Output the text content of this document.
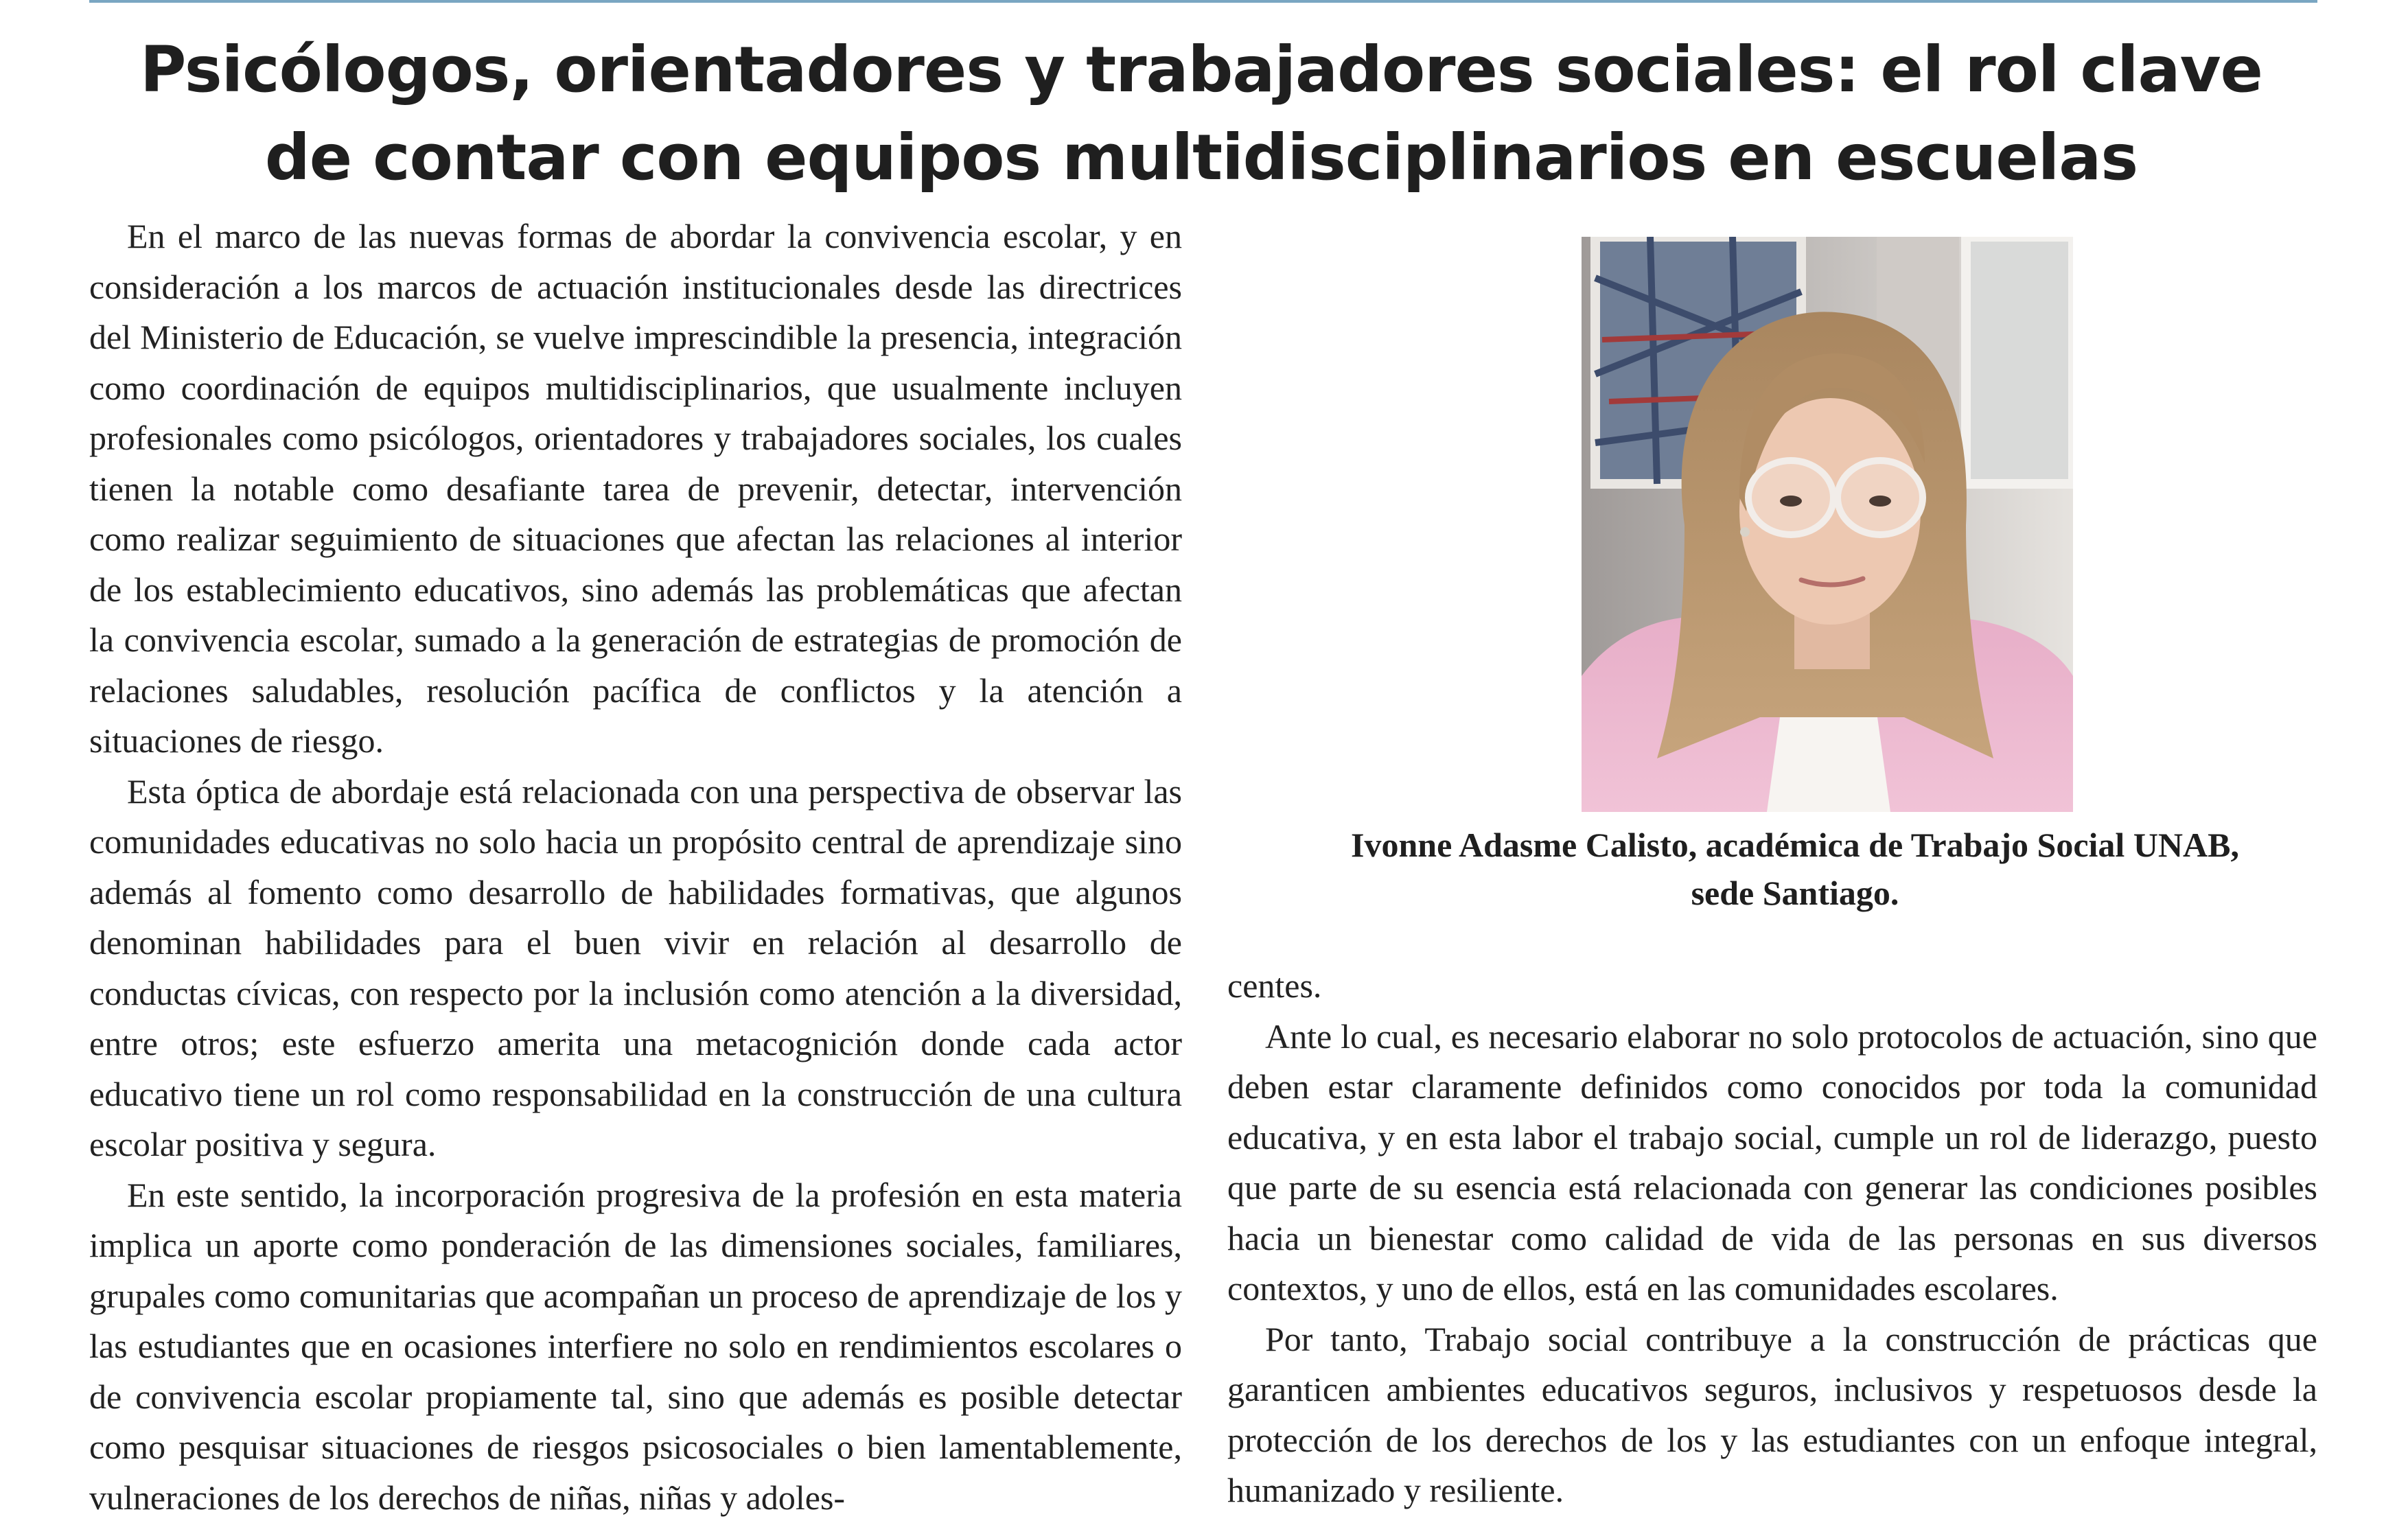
Psicólogos, orientadores y trabajadores sociales: el rol clave de contar con equipos multidisciplinarios en escuelas

En el marco de las nuevas formas de abordar la convivencia escolar, y en consideración a los marcos de actuación institucionales desde las directrices del Ministerio de Educación, se vuelve imprescindible la presencia, integración como coordinación de equipos multidisciplinarios, que usualmente incluyen profesionales como psicólogos, orientadores y trabajadores sociales, los cuales tienen la notable como desafiante tarea de prevenir, detectar, intervención como realizar seguimiento de situaciones que afectan las relaciones al interior de los establecimiento educativos, sino además las problemáticas que afectan la convivencia escolar, sumado a la generación de estrategias de promoción de relaciones saludables, resolución pacífica de conflictos y la atención a situaciones de riesgo.

Esta óptica de abordaje está relacionada con una perspectiva de observar las comunidades educativas no solo hacia un propósito central de aprendizaje sino además al fomento como desarrollo de habilidades formativas, que algunos denominan habilidades para el buen vivir en relación al desarrollo de conductas cívicas, con respecto por la inclusión como atención a la diversidad, entre otros; este esfuerzo amerita una metacognición donde cada actor educativo tiene un rol como responsabilidad en la construcción de una cultura escolar positiva y segura.

En este sentido, la incorporación progresiva de la profesión en esta materia implica un aporte como ponderación de las dimensiones sociales, familiares, grupales como comunitarias que acompañan un proceso de aprendizaje de los y las estudiantes que en ocasiones interfiere no solo en rendimientos escolares o de convivencia escolar propiamente tal, sino que además es posible detectar como pesquisar situaciones de riesgos psicosociales o bien lamentablemente, vulneraciones de los derechos de niñas, niñas y adoles-

Ivonne Adasme Calisto, académica de Trabajo Social UNAB,
sede Santiago.

centes.

Ante lo cual, es necesario elaborar no solo protocolos de actuación, sino que deben estar claramente definidos como conocidos por toda la comunidad educativa, y en esta labor el trabajo social, cumple un rol de liderazgo, puesto que parte de su esencia está relacionada con generar las condiciones posibles hacia un bienestar como calidad de vida de las personas en sus diversos contextos, y uno de ellos, está en las comunidades escolares.

Por tanto, Trabajo social contribuye a la construcción de prácticas que garanticen ambientes educativos seguros, inclusivos y respetuosos desde la protección de los derechos de los y las estudiantes con un enfoque integral, humanizado y resiliente.
